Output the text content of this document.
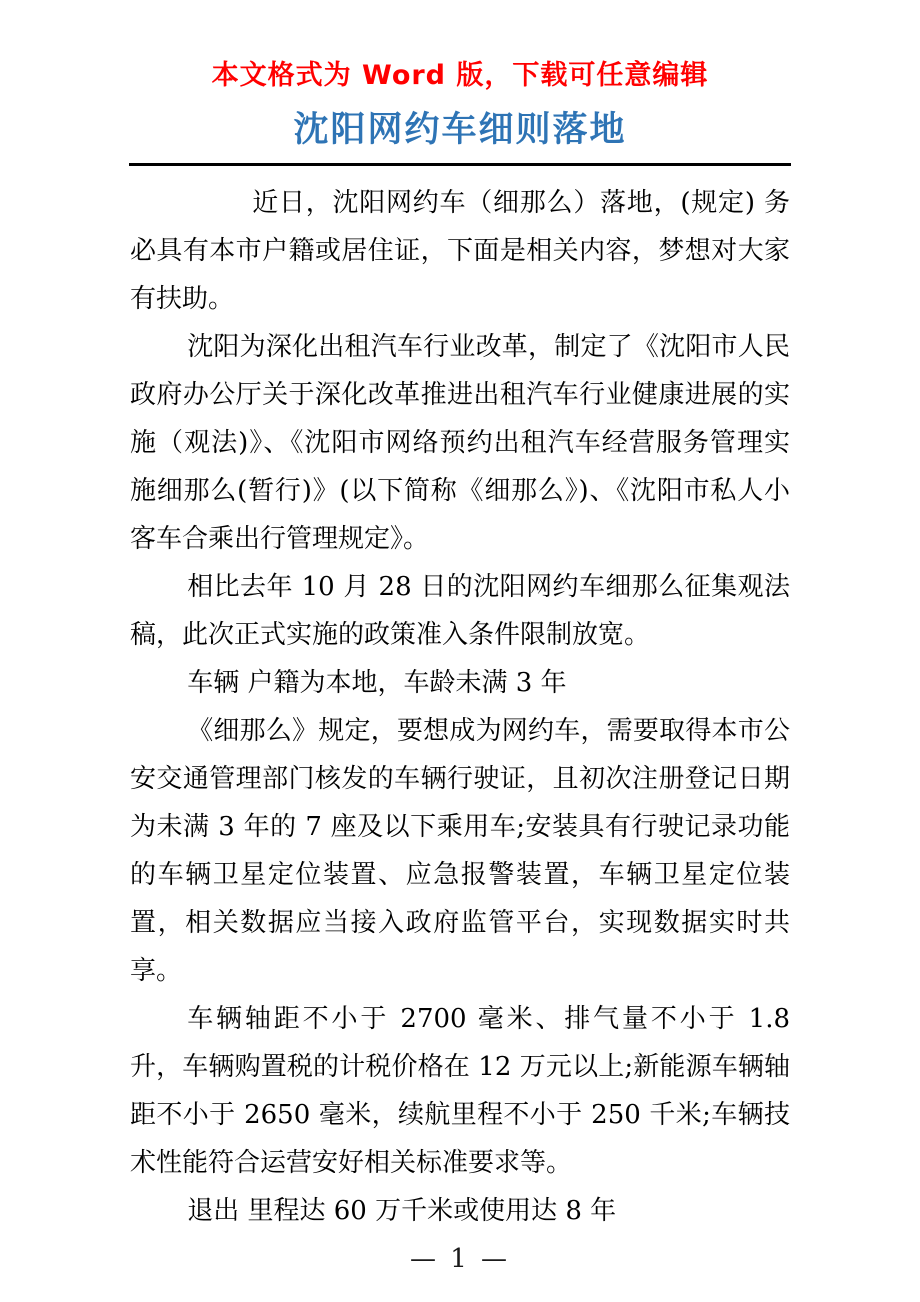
本文格式为 Word 版，下载可任意编辑
沈阳网约车细则落地

近日，沈阳网约车（细那么）落地，(规定) 务必具有本市户籍或居住证，下面是相关内容，梦想对大家有扶助。

沈阳为深化出租汽车行业改革，制定了《沈阳市人民政府办公厅关于深化改革推进出租汽车行业健康进展的实施（观法)》、《沈阳市网络预约出租汽车经营服务管理实施细那么(暂行)》(以下简称《细那么》)、《沈阳市私人小客车合乘出行管理规定》。

相比去年 10 月 28 日的沈阳网约车细那么征集观法稿，此次正式实施的政策准入条件限制放宽。

车辆 户籍为本地，车龄未满 3 年

《细那么》规定，要想成为网约车，需要取得本市公安交通管理部门核发的车辆行驶证，且初次注册登记日期为未满 3 年的 7 座及以下乘用车;安装具有行驶记录功能的车辆卫星定位装置、应急报警装置，车辆卫星定位装置，相关数据应当接入政府监管平台，实现数据实时共享。

车辆轴距不小于 2700 毫米、排气量不小于 1.8 升，车辆购置税的计税价格在 12 万元以上;新能源车辆轴距不小于 2650 毫米，续航里程不小于 250 千米;车辆技术性能符合运营安好相关标准要求等。

退出 里程达 60 万千米或使用达 8 年

— 1 —
